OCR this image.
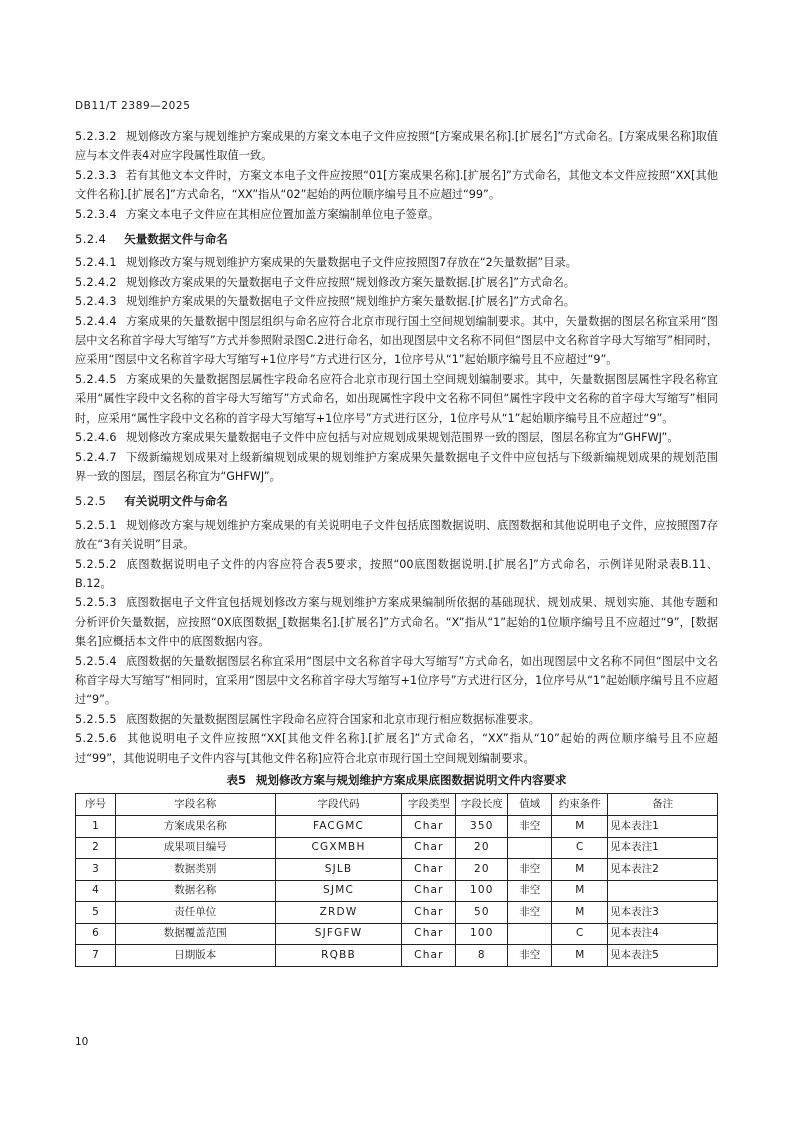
DB11/T 2389—2025

5.2.3.2 规划修改方案与规划维护方案成果的方案文本电子文件应按照“[方案成果名称].[扩展名]”方式命名。[方案成果名称]取值应与本文件表4对应字段属性取值一致。

5.2.3.3 若有其他文本文件时，方案文本电子文件应按照“01[方案成果名称].[扩展名]”方式命名，其他文本文件应按照“XX[其他文件名称].[扩展名]”方式命名，“XX”指从“02”起始的两位顺序编号且不应超过“99”。

5.2.3.4 方案文本电子文件应在其相应位置加盖方案编制单位电子签章。

5.2.4 矢量数据文件与命名

5.2.4.1 规划修改方案与规划维护方案成果的矢量数据电子文件应按照图7存放在“2矢量数据”目录。

5.2.4.2 规划修改方案成果的矢量数据电子文件应按照“规划修改方案矢量数据.[扩展名]”方式命名。

5.2.4.3 规划维护方案成果的矢量数据电子文件应按照“规划维护方案矢量数据.[扩展名]”方式命名。

5.2.4.4 方案成果的矢量数据中图层组织与命名应符合北京市现行国土空间规划编制要求。其中，矢量数据的图层名称宜采用“图层中文名称首字母大写缩写”方式并参照附录图C.2进行命名，如出现图层中文名称不同但“图层中文名称首字母大写缩写”相同时，应采用“图层中文名称首字母大写缩写+1位序号”方式进行区分，1位序号从“1”起始顺序编号且不应超过“9”。

5.2.4.5 方案成果的矢量数据图层属性字段命名应符合北京市现行国土空间规划编制要求。其中，矢量数据图层属性字段名称宜采用“属性字段中文名称的首字母大写缩写”方式命名，如出现属性字段中文名称不同但“属性字段中文名称的首字母大写缩写”相同时，应采用“属性字段中文名称的首字母大写缩写+1位序号”方式进行区分，1位序号从“1”起始顺序编号且不应超过“9”。

5.2.4.6 规划修改方案成果矢量数据电子文件中应包括与对应规划成果规划范围界一致的图层，图层名称宜为“GHFWJ”。

5.2.4.7 下级新编规划成果对上级新编规划成果的规划维护方案成果矢量数据电子文件中应包括与下级新编规划成果的规划范围界一致的图层，图层名称宜为“GHFWJ”。

5.2.5 有关说明文件与命名

5.2.5.1 规划修改方案与规划维护方案成果的有关说明电子文件包括底图数据说明、底图数据和其他说明电子文件，应按照图7存放在“3有关说明”目录。

5.2.5.2 底图数据说明电子文件的内容应符合表5要求，按照“00底图数据说明.[扩展名]”方式命名，示例详见附录表B.11、B.12。

5.2.5.3 底图数据电子文件宜包括规划修改方案与规划维护方案成果编制所依据的基础现状、规划成果、规划实施、其他专题和分析评价矢量数据，应按照“0X底图数据_[数据集名].[扩展名]”方式命名。“X”指从“1”起始的1位顺序编号且不应超过“9”，[数据集名]应概括本文件中的底图数据内容。

5.2.5.4 底图数据的矢量数据图层名称宜采用“图层中文名称首字母大写缩写”方式命名，如出现图层中文名称不同但“图层中文名称首字母大写缩写”相同时，宜采用“图层中文名称首字母大写缩写+1位序号”方式进行区分，1位序号从“1”起始顺序编号且不应超过“9”。

5.2.5.5 底图数据的矢量数据图层属性字段命名应符合国家和北京市现行相应数据标准要求。

5.2.5.6 其他说明电子文件应按照“XX[其他文件名称].[扩展名]”方式命名，“XX”指从“10”起始的两位顺序编号且不应超过“99”，其他说明电子文件内容与[其他文件名称]应符合北京市现行国土空间规划编制要求。

表5 规划修改方案与规划维护方案成果底图数据说明文件内容要求
序号	字段名称	字段代码	字段类型	字段长度	值域	约束条件	备注
1	方案成果名称	FACGMC	Char	350	非空	M	见本表注1
2	成果项目编号	CGXMBH	Char	20		C	见本表注1
3	数据类别	SJLB	Char	20	非空	M	见本表注2
4	数据名称	SJMC	Char	100	非空	M	
5	责任单位	ZRDW	Char	50	非空	M	见本表注3
6	数据覆盖范围	SJFGFW	Char	100		C	见本表注4
7	日期版本	RQBB	Char	8	非空	M	见本表注5
10
